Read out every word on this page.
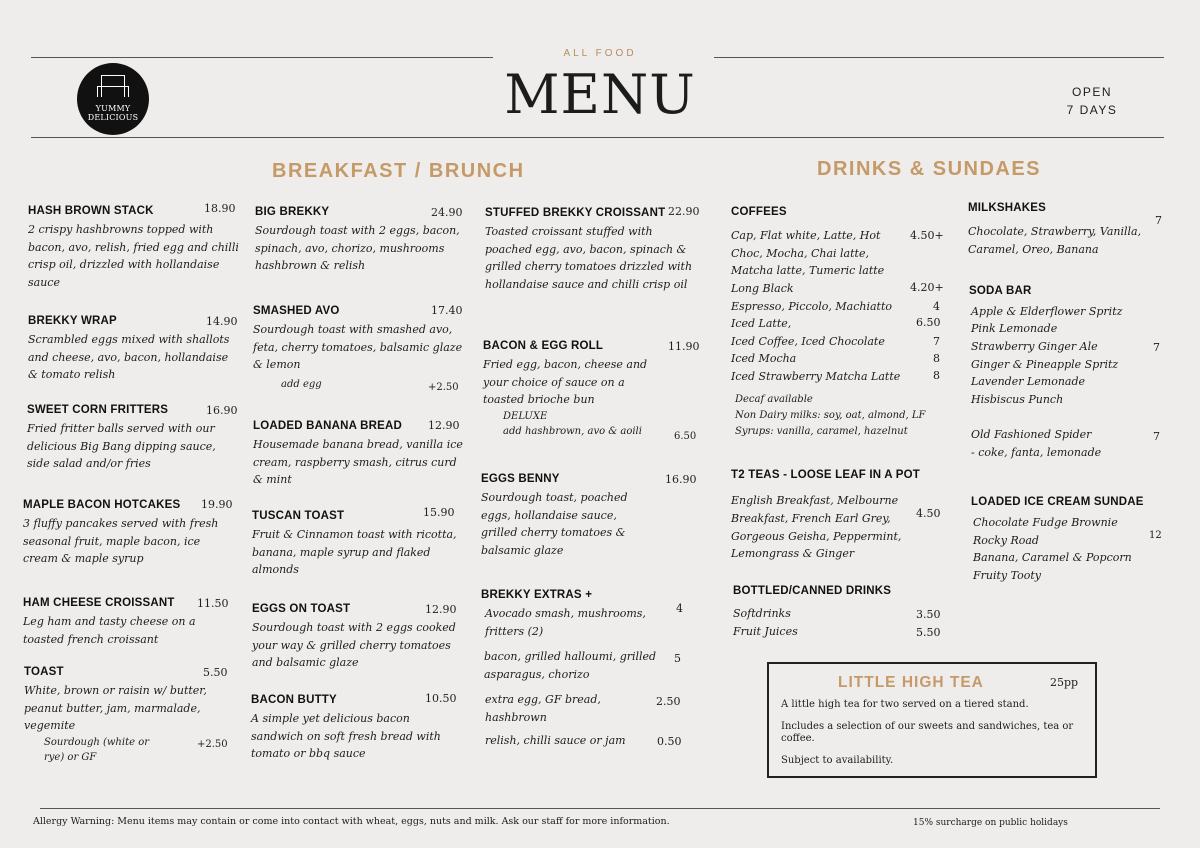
YUMMY
DELICIOUS
ALL FOOD
MENU	OPEN
7 DAYS
BREAKFAST / BRUNCH	DRINKS & SUNDAES
HASH BROWN STACK	18.90
2 crispy hashbrowns topped with bacon, avo, relish, fried egg and chilli crisp oil, drizzled with hollandaise sauce
BREKKY WRAP	14.90
Scrambled eggs mixed with shallots and cheese, avo, bacon, hollandaise & tomato relish
SWEET CORN FRITTERS	16.90
Fried fritter balls served with our delicious Big Bang dipping sauce, side salad and/or fries
MAPLE BACON HOTCAKES	19.90
3 fluffy pancakes served with fresh seasonal fruit, maple bacon, ice cream & maple syrup
HAM CHEESE CROISSANT	11.50
Leg ham and tasty cheese on a toasted french croissant
TOAST	5.50
White, brown or raisin w/ butter, peanut butter, jam, marmalade, vegemite
Sourdough (white or rye) or GF
+2.50
BIG BREKKY	24.90
Sourdough toast with 2 eggs, bacon, spinach, avo, chorizo, mushrooms hashbrown & relish
SMASHED AVO	17.40
Sourdough toast with smashed avo, feta, cherry tomatoes, balsamic glaze & lemon
add egg	+2.50
LOADED BANANA BREAD	12.90
Housemade banana bread, vanilla ice cream, raspberry smash, citrus curd & mint
TUSCAN TOAST	15.90
Fruit & Cinnamon toast with ricotta, banana, maple syrup and flaked almonds
EGGS ON TOAST	12.90
Sourdough toast with 2 eggs cooked your way & grilled cherry tomatoes and balsamic glaze
BACON BUTTY	10.50
A simple yet delicious bacon sandwich on soft fresh bread with tomato or bbq sauce
STUFFED BREKKY CROISSANT 22.90
Toasted croissant stuffed with poached egg, avo, bacon, spinach & grilled cherry tomatoes drizzled with hollandaise sauce and chilli crisp oil
BACON & EGG ROLL	11.90
Fried egg, bacon, cheese and your choice of sauce on a toasted brioche bun
DELUXE
add hashbrown, avo & aoili	6.50
EGGS BENNY	16.90
Sourdough toast, poached eggs, hollandaise sauce, grilled cherry tomatoes & balsamic glaze
BREKKY EXTRAS +
Avocado smash, mushrooms, fritters (2)
4
bacon, grilled halloumi, grilled asparagus, chorizo
5
extra egg, GF bread, hashbrown
2.50
relish, chilli sauce or jam	0.50
COFFEES
Cap, Flat white, Latte, Hot	4.50+
Choc, Mocha, Chai latte,
Matcha latte, Tumeric latte
Long Black	4.20+
Espresso, Piccolo, Machiatto	4
Iced Latte,	6.50
Iced Coffee, Iced Chocolate	7
Iced Mocha	8
Iced Strawberry Matcha Latte	8
Decaf available
Non Dairy milks: soy, oat, almond, LF
Syrups: vanilla, caramel, hazelnut
T2 TEAS - LOOSE LEAF IN A POT
English Breakfast, Melbourne
Breakfast, French Earl Grey,
Gorgeous Geisha, Peppermint,
Lemongrass & Ginger
4.50
BOTTLED/CANNED DRINKS
Softdrinks	3.50
Fruit Juices	5.50
MILKSHAKES
Chocolate, Strawberry, Vanilla,
Caramel, Oreo, Banana
7
SODA BAR
Apple & Elderflower Spritz
Pink Lemonade
Strawberry Ginger Ale
Ginger & Pineapple Spritz
Lavender Lemonade
Hisbiscus Punch
7
Old Fashioned Spider
- coke, fanta, lemonade
7
LOADED ICE CREAM SUNDAE
Chocolate Fudge Brownie
Rocky Road
Banana, Caramel & Popcorn
Fruity Tooty
12
LITTLE HIGH TEA	25pp
A little high tea for two served on a tiered stand.
Includes a selection of our sweets and sandwiches, tea or coffee.
Subject to availability.
Allergy Warning: Menu items may contain or come into contact with wheat, eggs, nuts and milk. Ask our staff for more information.	15% surcharge on public holidays
